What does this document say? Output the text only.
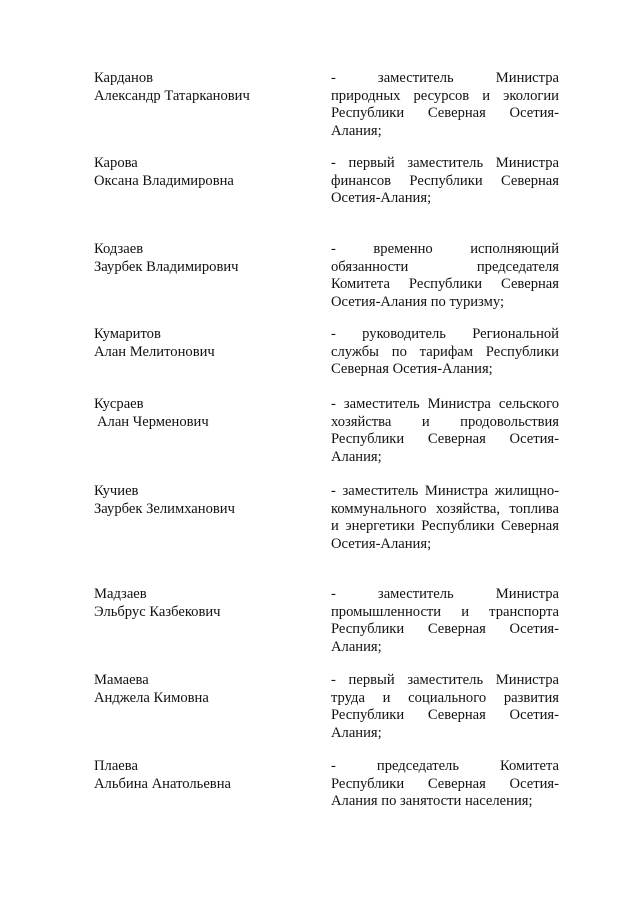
Карданов
Александр Татарканович
- заместитель Министра
природных ресурсов и экологии
Республики Северная Осетия-
Алания;
Карова
Оксана Владимировна
- первый заместитель Министра
финансов Республики Северная
Осетия-Алания;
Кодзаев
Заурбек Владимирович
- временно исполняющий
обязанности председателя
Комитета Республики Северная
Осетия-Алания по туризму;
Кумаритов
Алан Мелитонович
- руководитель Региональной
службы по тарифам Республики
Северная Осетия-Алания;
Кусраев
Алан Черменович
- заместитель Министра сельского
хозяйства и продовольствия
Республики Северная Осетия-
Алания;
Кучиев
Заурбек Зелимханович
- заместитель Министра жилищно-
коммунального хозяйства, топлива
и энергетики Республики Северная
Осетия-Алания;
Мадзаев
Эльбрус Казбекович
- заместитель Министра
промышленности и транспорта
Республики Северная Осетия-
Алания;
Мамаева
Анджела Кимовна
- первый заместитель Министра
труда и социального развития
Республики Северная Осетия-
Алания;
Плаева
Альбина Анатольевна
- председатель Комитета
Республики Северная Осетия-
Алания по занятости населения;
